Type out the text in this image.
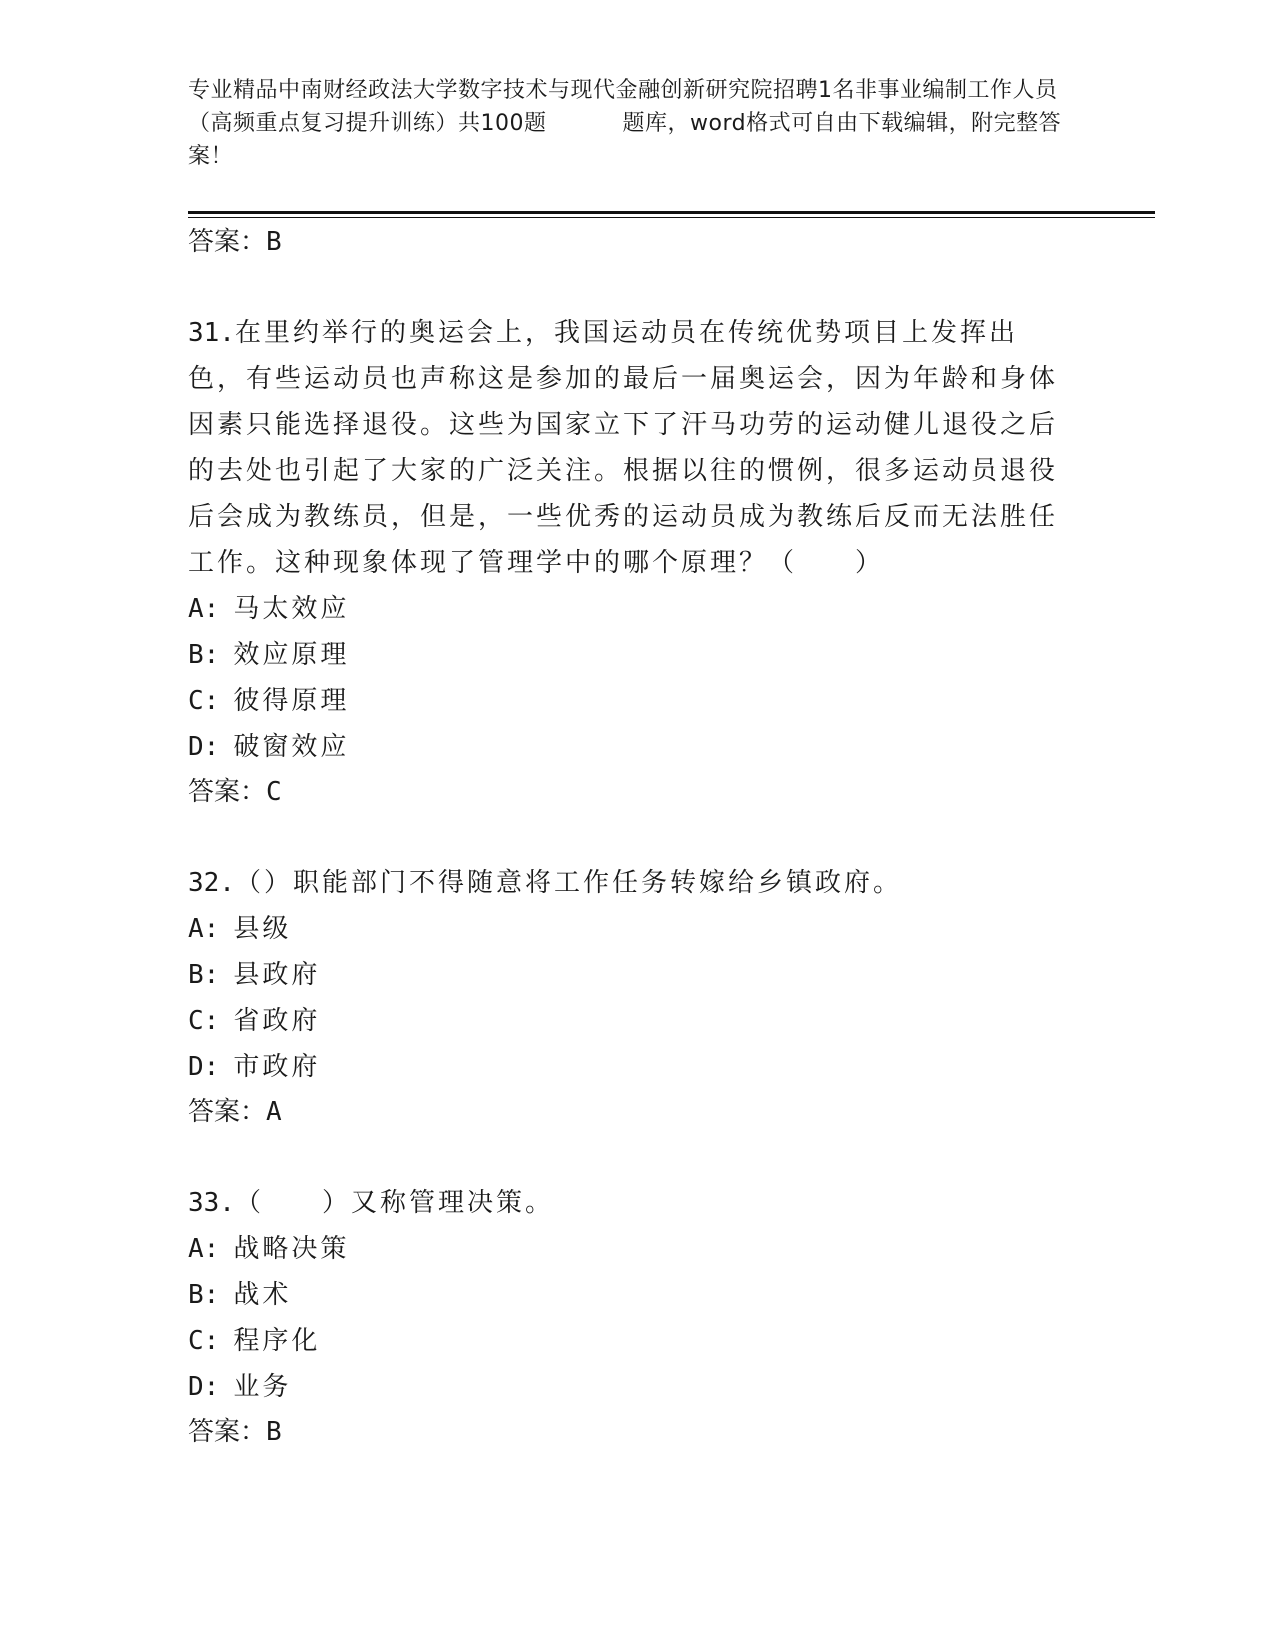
专业精品中南财经政法大学数字技术与现代金融创新研究院招聘1名非事业编制工作人员（高频重点复习提升训练）共100题	题库，word格式可自由下载编辑，附完整答案！

答案：B

31.在里约举行的奥运会上，我国运动员在传统优势项目上发挥出色，有些运动员也声称这是参加的最后一届奥运会，因为年龄和身体因素只能选择退役。这些为国家立下了汗马功劳的运动健儿退役之后的去处也引起了大家的广泛关注。根据以往的惯例，很多运动员退役后会成为教练员，但是，一些优秀的运动员成为教练后反而无法胜任工作。这种现象体现了管理学中的哪个原理？（　　）

A: 马太效应

B: 效应原理

C: 彼得原理

D: 破窗效应

答案：C

32.（）职能部门不得随意将工作任务转嫁给乡镇政府。

A: 县级

B: 县政府

C: 省政府

D: 市政府

答案：A

33.（　　）又称管理决策。

A: 战略决策

B: 战术

C: 程序化

D: 业务

答案：B
